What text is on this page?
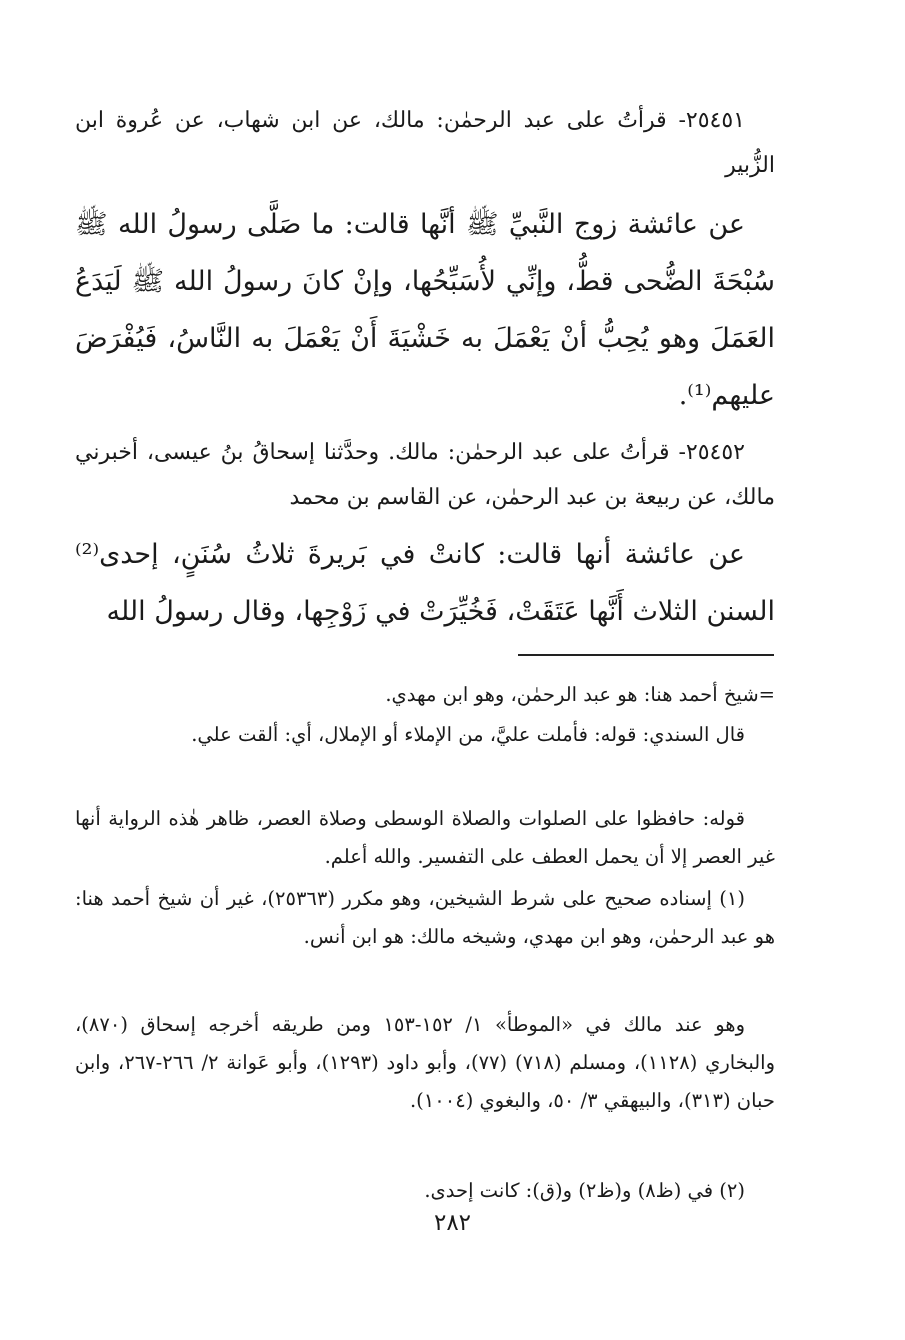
٢٥٤٥١- قرأتُ على عبد الرحمٰن: مالك، عن ابن شهاب، عن عُروة ابن الزُّبير

عن عائشة زوج النَّبيِّ ﷺ أنَّها قالت: ما صَلَّى رسولُ الله ﷺ سُبْحَةَ الضُّحى قطُّ، وإنِّي لأُسَبِّحُها، وإنْ كانَ رسولُ الله ﷺ لَيَدَعُ العَمَلَ وهو يُحِبُّ أنْ يَعْمَلَ به خَشْيَةَ أَنْ يَعْمَلَ به النَّاسُ، فَيُفْرَضَ عليهم⁽¹⁾.

٢٥٤٥٢- قرأتُ على عبد الرحمٰن: مالك. وحدَّثنا إسحاقُ بنُ عيسى، أخبرني مالك، عن ربيعة بن عبد الرحمٰن، عن القاسم بن محمد

عن عائشة أنها قالت: كانتْ في بَريرةَ ثلاثُ سُنَنٍ، إحدى⁽²⁾ السنن الثلاث أَنَّها عَتَقَتْ، فَخُيِّرَتْ في زَوْجِها، وقال رسولُ الله

=شيخ أحمد هنا: هو عبد الرحمٰن، وهو ابن مهدي.

قال السندي: قوله: فأملت عليَّ، من الإملاء أو الإملال، أي: ألقت علي.

قوله: حافظوا على الصلوات والصلاة الوسطى وصلاة العصر، ظاهر هٰذه الرواية أنها غير العصر إلا أن يحمل العطف على التفسير. والله أعلم.

(١) إسناده صحيح على شرط الشيخين، وهو مكرر (٢٥٣٦٣)، غير أن شيخ أحمد هنا: هو عبد الرحمٰن، وهو ابن مهدي، وشيخه مالك: هو ابن أنس.

وهو عند مالك في «الموطأ» ١/ ١٥٢-١٥٣ ومن طريقه أخرجه إسحاق (٨٧٠)، والبخاري (١١٢٨)، ومسلم (٧١٨) (٧٧)، وأبو داود (١٢٩٣)، وأبو عَوانة ٢/ ٢٦٦-٢٦٧، وابن حبان (٣١٣)، والبيهقي ٣/ ٥٠، والبغوي (١٠٠٤).

(٢) في (ظ٨) و(ظ٢) و(ق): كانت إحدى.

٢٨٢
